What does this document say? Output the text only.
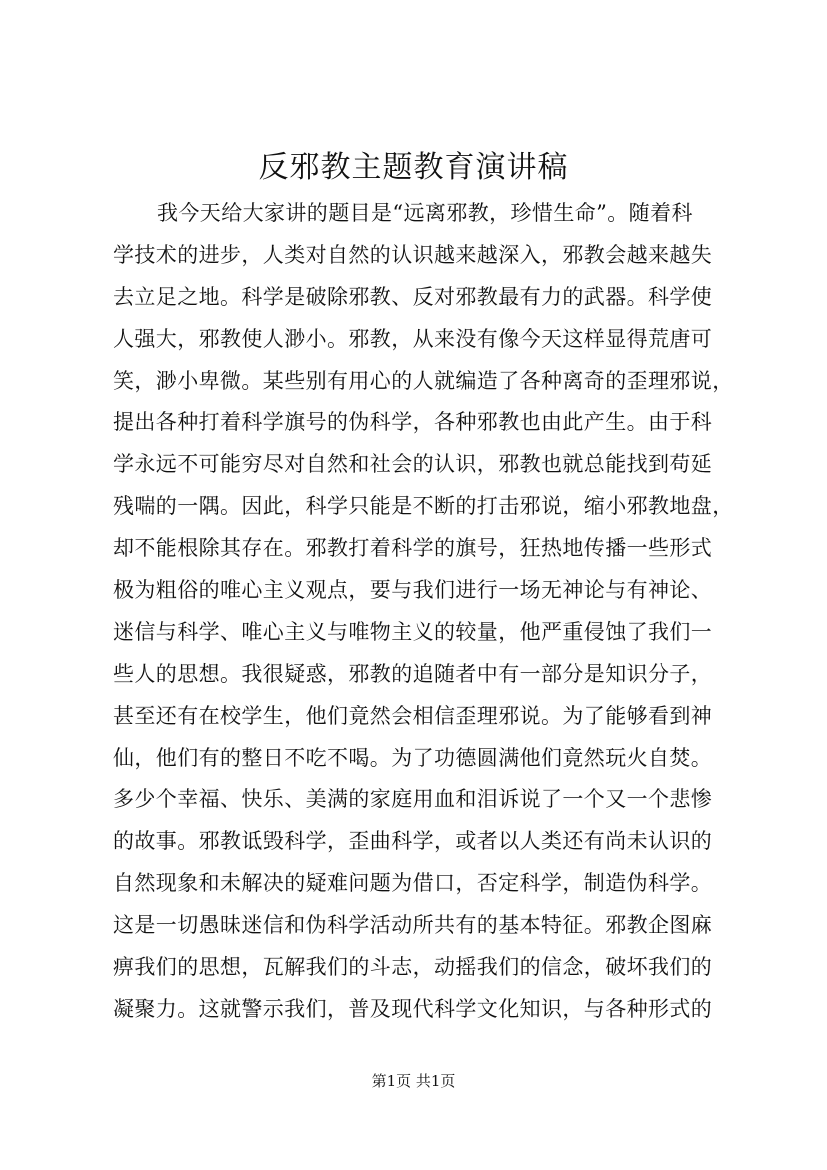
反邪教主题教育演讲稿
我今天给大家讲的题目是“远离邪教，珍惜生命”。随着科
学技术的进步，人类对自然的认识越来越深入，邪教会越来越失
去立足之地。科学是破除邪教、反对邪教最有力的武器。科学使
人强大，邪教使人渺小。邪教，从来没有像今天这样显得荒唐可
笑，渺小卑微。某些别有用心的人就编造了各种离奇的歪理邪说，
提出各种打着科学旗号的伪科学，各种邪教也由此产生。由于科
学永远不可能穷尽对自然和社会的认识，邪教也就总能找到苟延
残喘的一隅。因此，科学只能是不断的打击邪说，缩小邪教地盘，
却不能根除其存在。邪教打着科学的旗号，狂热地传播一些形式
极为粗俗的唯心主义观点，要与我们进行一场无神论与有神论、
迷信与科学、唯心主义与唯物主义的较量，他严重侵蚀了我们一
些人的思想。我很疑惑，邪教的追随者中有一部分是知识分子，
甚至还有在校学生，他们竟然会相信歪理邪说。为了能够看到神
仙，他们有的整日不吃不喝。为了功德圆满他们竟然玩火自焚。
多少个幸福、快乐、美满的家庭用血和泪诉说了一个又一个悲惨
的故事。邪教诋毁科学，歪曲科学，或者以人类还有尚未认识的
自然现象和未解决的疑难问题为借口，否定科学，制造伪科学。
这是一切愚昧迷信和伪科学活动所共有的基本特征。邪教企图麻
痹我们的思想，瓦解我们的斗志，动摇我们的信念，破坏我们的
凝聚力。这就警示我们，普及现代科学文化知识，与各种形式的
第1页 共1页
